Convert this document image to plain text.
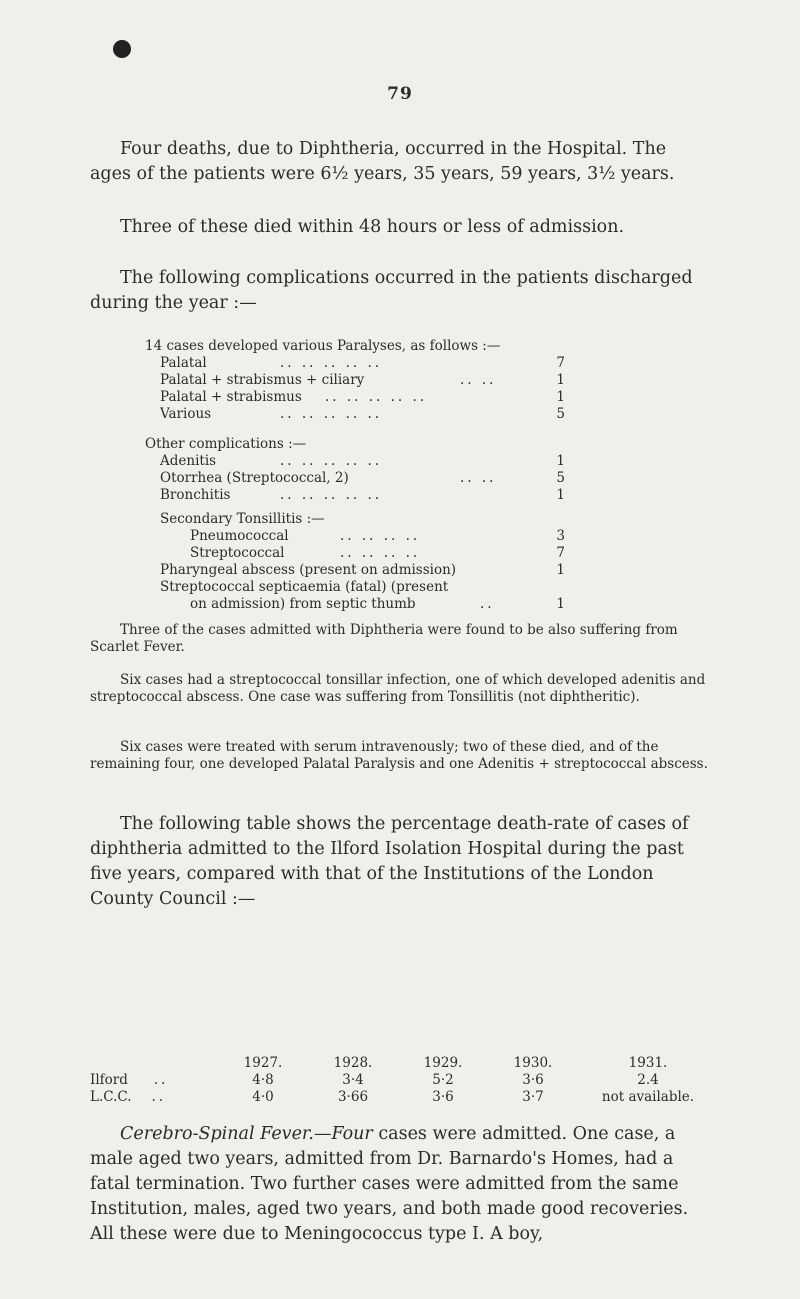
79

Four deaths, due to Diphtheria, occurred in the Hospital. The ages of the patients were 6½ years, 35 years, 59 years, 3½ years.

Three of these died within 48 hours or less of admission.

The following complications occurred in the patients discharged during the year :—

14 cases developed various Paralyses, as follows :—
Palatal	.. .. .. .. ..	7
Palatal + strabismus + ciliary	.. ..	1
Palatal + strabismus .. .. .. .. ..	1
Various	.. .. .. .. ..	5
Other complications :—
Adenitis	.. .. .. .. ..	1
Otorrhea (Streptococcal, 2)	.. ..	5
Bronchitis	.. .. .. .. ..	1
Secondary Tonsillitis :—
Pneumococcal	.. .. .. ..	3
Streptococcal	.. .. .. ..	7
Pharyngeal abscess (present on admission)	1
Streptococcal septicaemia (fatal) (present
on admission) from septic thumb	..	1

Three of the cases admitted with Diphtheria were found to be also suffering from Scarlet Fever.

Six cases had a streptococcal tonsillar infection, one of which developed adenitis and streptococcal abscess. One case was suffering from Tonsillitis (not diphtheritic).

Six cases were treated with serum intravenously; two of these died, and of the remaining four, one developed Palatal Paralysis and one Adenitis + streptococcal abscess.

The following table shows the percentage death-rate of cases of diphtheria admitted to the Ilford Isolation Hospital during the past five years, compared with that of the Institutions of the London County Council :—

	1927.	1928.	1929.	1930.	1931.
Ilford ..	4·8	3·4	5·2	3·6	2.4
L.C.C. ..	4·0	3·66	3·6	3·7	not available.

Cerebro-Spinal Fever.—Four cases were admitted. One case, a male aged two years, admitted from Dr. Barnardo's Homes, had a fatal termination. Two further cases were admitted from the same Institution, males, aged two years, and both made good recoveries. All these were due to Meningococcus type I. A boy,
